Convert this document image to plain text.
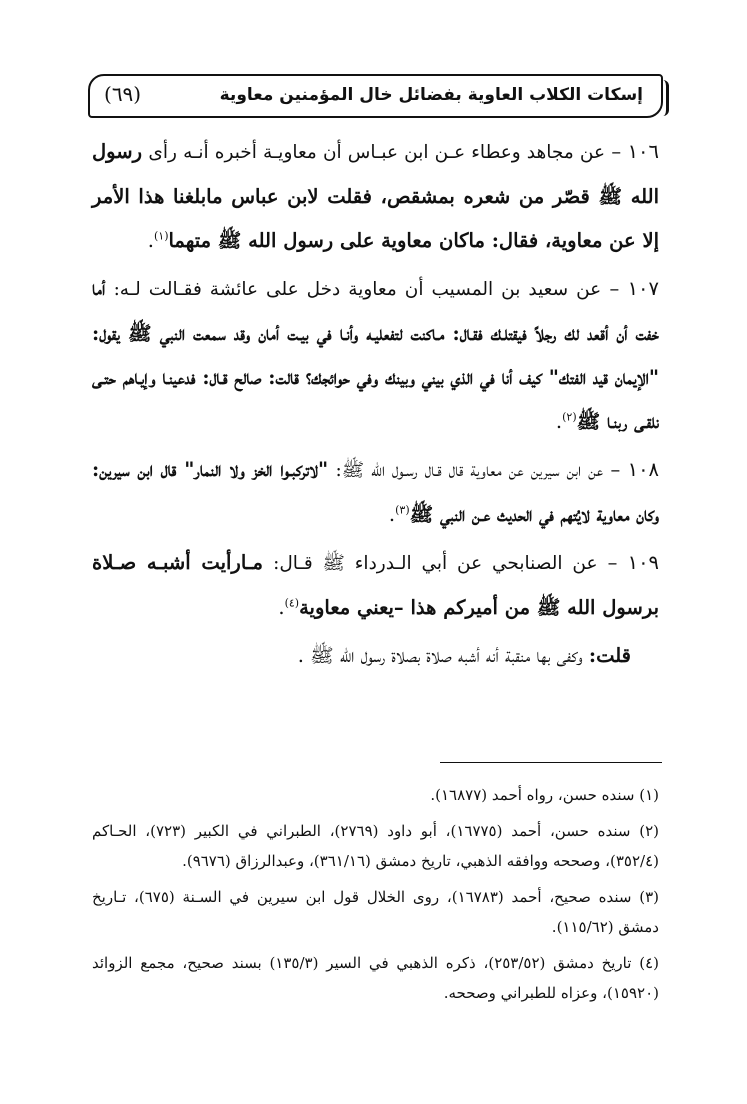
إسكات الكلاب العاوية بفضائل خال المؤمنين معاوية
(٦٩)

١٠٦ – عن مجاهد وعطاء عـن ابن عبـاس أن معاويـة أخبره أنـه رأى رسول الله ﷺ قصّر من شعره بمشقص، فقلت لابن عباس مابلغنا هذا الأمر إلا عن معاوية، فقال: ماكان معاوية على رسول الله ﷺ متهما$^{(١)}$.

١٠٧ – عن سعيد بن المسيب أن معاوية دخل على عائشة فقـالت لـه: أما خفت أن أقعد لك رجلاً فيقتلـك فقـال: مـاكنت لتفعليـه وأنـا في بيـت أمان وقد سمعت النبي ﷺ يقول: "الإيمان قيد الفتك" كيف أنا في الذي بيني وبينك وفي حوائجك؟ قالت: صالح قـال: فدعينـا وإيـاهم حتـى نلقـى ربنـا ﷺ$^{(٢)}$.

١٠٨ – عن ابن سيرين عن معاوية قال قـال رسـول الله ﷺ: "لاتركبـوا الخز ولا النمار" قال ابن سيرين: وكان معاوية لايُتهم في الحديث عـن النبي ﷺ$^{(٣)}$.

١٠٩ – عن الصنابحي عن أبي الـدرداء ﷺ قـال: مـارأيت أشبـه صـلاة برسول الله ﷺ من أميركم هذا –يعني معاوية$^{(٤)}$.

قلت: وكفى بها منقبة أنه أشبه صلاة بصلاة رسول الله ﷺ .

(١) سنده حسن، رواه أحمد (١٦٨٧٧).

(٢) سنده حسن، أحمد (١٦٧٧٥)، أبو داود (٢٧٦٩)، الطبراني في الكبير (٧٢٣)، الحـاكم (٣٥٢/٤)، وصححه ووافقه الذهبي، تاريخ دمشق (٣٦١/١٦)، وعبدالرزاق (٩٦٧٦).

(٣) سنده صحيح، أحمد (١٦٧٨٣)، روى الخلال قول ابن سيرين في السـنة (٦٧٥)، تـاريخ دمشق (١١٥/٦٢).

(٤) تاريخ دمشق (٢٥٣/٥٢)، ذكره الذهبي في السير (١٣٥/٣) بسند صحيح، مجمع الزوائد (١٥٩٢٠)، وعزاه للطبراني وصححه.
